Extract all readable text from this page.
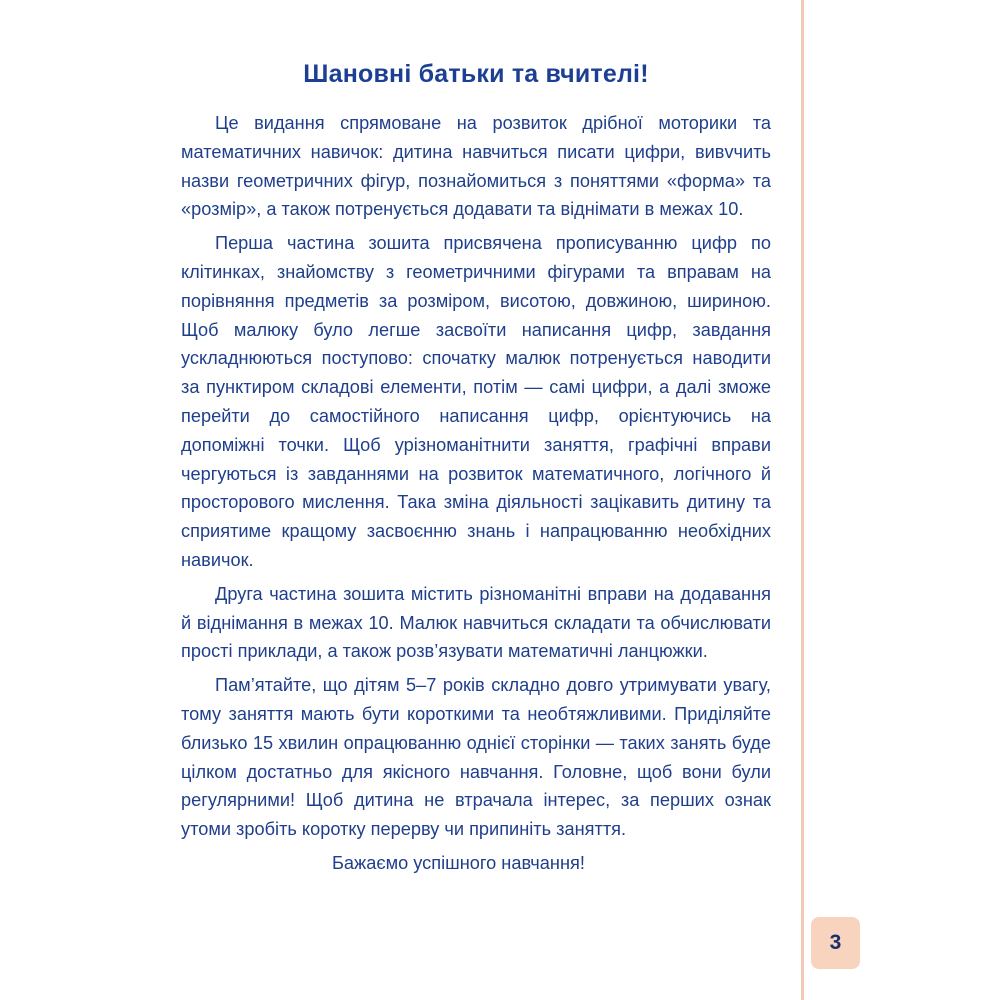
Шановні батьки та вчителі!

Це видання спрямоване на розвиток дрібної моторики та математичних навичок: дитина навчиться писати цифри, вивvчить назви геометричних фігур, познайомиться з поняттями «форма» та «розмір», а також потренується додавати та віднімати в межах 10.

Перша частина зошита присвячена прописуванню цифр по клітинках, знайомству з геометричними фігурами та вправам на порівняння предметів за розміром, висотою, довжиною, шириною. Щоб малюку було легше засвоїти написання цифр, завдання ускладнюються поступово: спочатку малюк потренується наводити за пунктиром складові елементи, потім — самі цифри, а далі зможе перейти до самостійного написання цифр, орієнтуючись на допоміжні точки. Щоб урізноманітнити заняття, графічні вправи чергуються із завданнями на розвиток математичного, логічного й просторового мислення. Така зміна діяльності зацікавить дитину та сприятиме кращому засвоєнню знань і напрацюванню необхідних навичок.

Друга частина зошита містить різноманітні вправи на додавання й віднімання в межах 10. Малюк навчиться складати та обчислювати прості приклади, а також розв’язувати математичні ланцюжки.

Пам’ятайте, що дітям 5–7 років складно довго утримувати увагу, тому заняття мають бути короткими та необтяжливими. Приділяйте близько 15 хвилин опрацюванню однієї сторінки — таких занять буде цілком достатньо для якісного навчання. Головне, щоб вони були регулярними! Щоб дитина не втрачала інтерес, за перших ознак утоми зробіть коротку перерву чи припиніть заняття.

Бажаємо успішного навчання!

3
